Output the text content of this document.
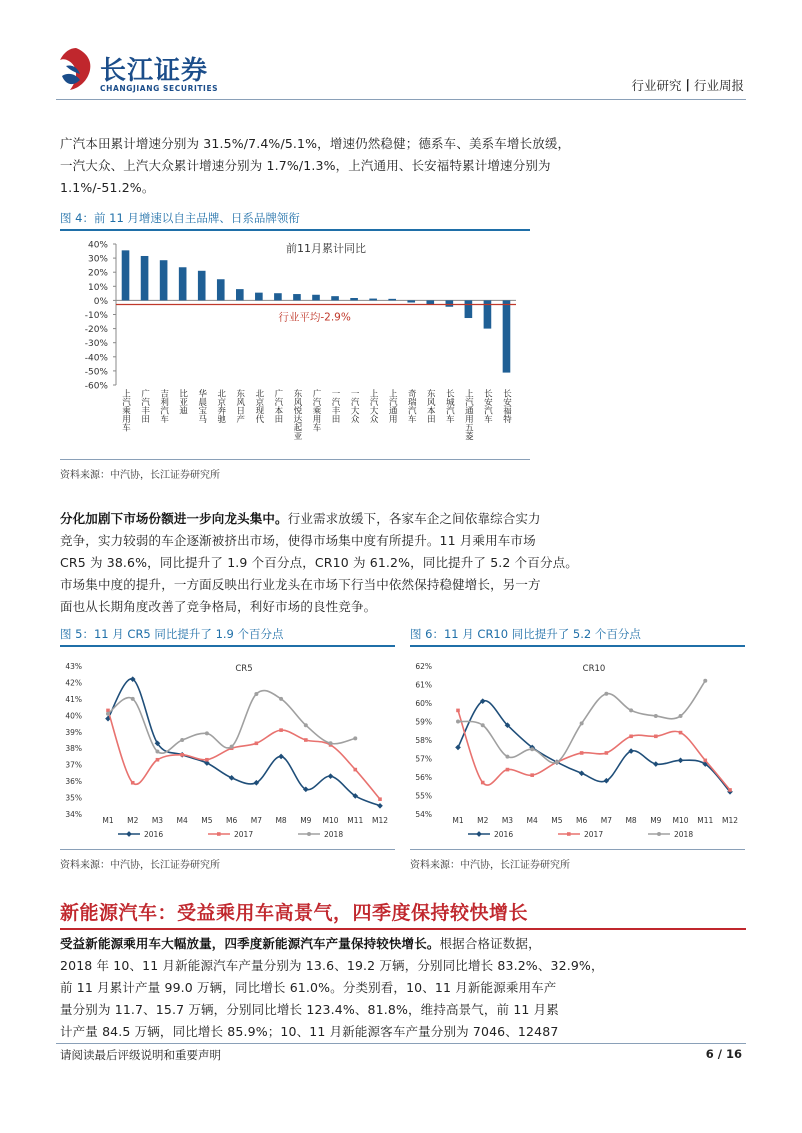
长江证券
CHANGJIANG SECURITIES	行业研究丨行业周报
广汽本田累计增速分别为 31.5%/7.4%/5.1%，增速仍然稳健；德系车、美系车增长放缓，
一汽大众、上汽大众累计增速分别为 1.7%/1.3%，上汽通用、长安福特累计增速分别为
1.1%/-51.2%。
图 4：前 11 月增速以自主品牌、日系品牌领衔
40%
30%
20%
10%
0%
-10%
-20%
-30%
-40%
-50%
-60%
前11月累计同比
行业平均-2.9%
上汽乘用车 广汽丰田 吉利汽车 比亚迪 华晨宝马 北京奔驰 东风日产 北京现代 广汽本田 东风悦达起亚 广汽乘用车 一汽丰田 一汽大众 上汽大众 上汽通用 奇瑞汽车 东风本田 长城汽车 上汽通用五菱 长安汽车 长安福特
资料来源：中汽协，长江证券研究所
分化加剧下市场份额进一步向龙头集中。行业需求放缓下，各家车企之间依靠综合实力
竞争，实力较弱的车企逐渐被挤出市场，使得市场集中度有所提升。11 月乘用车市场
CR5 为 38.6%，同比提升了 1.9 个百分点，CR10 为 61.2%，同比提升了 5.2 个百分点。
市场集中度的提升，一方面反映出行业龙头在市场下行当中依然保持稳健增长，另一方
面也从长期角度改善了竞争格局，利好市场的良性竞争。
图 5：11 月 CR5 同比提升了 1.9 个百分点
43%
42%
41%
40%
39%
38%
37%
36%
35%
34%
M1 M2 M3 M4 M5 M6 M7 M8 M9 M10 M11 M12
CR5
2016	2017	2018
资料来源：中汽协，长江证券研究所
图 6：11 月 CR10 同比提升了 5.2 个百分点
62%
61%
60%
59%
58%
57%
56%
55%
54%
M1 M2 M3 M4 M5 M6 M7 M8 M9 M10 M11 M12
CR10
2016	2017	2018
资料来源：中汽协，长江证券研究所
新能源汽车：受益乘用车高景气，四季度保持较快增长
受益新能源乘用车大幅放量，四季度新能源汽车产量保持较快增长。根据合格证数据，
2018 年 10、11 月新能源汽车产量分别为 13.6、19.2 万辆，分别同比增长 83.2%、32.9%，
前 11 月累计产量 99.0 万辆，同比增长 61.0%。分类别看，10、11 月新能源乘用车产
量分别为 11.7、15.7 万辆，分别同比增长 123.4%、81.8%，维持高景气，前 11 月累
计产量 84.5 万辆，同比增长 85.9%；10、11 月新能源客车产量分别为 7046、12487
请阅读最后评级说明和重要声明	6 / 16
